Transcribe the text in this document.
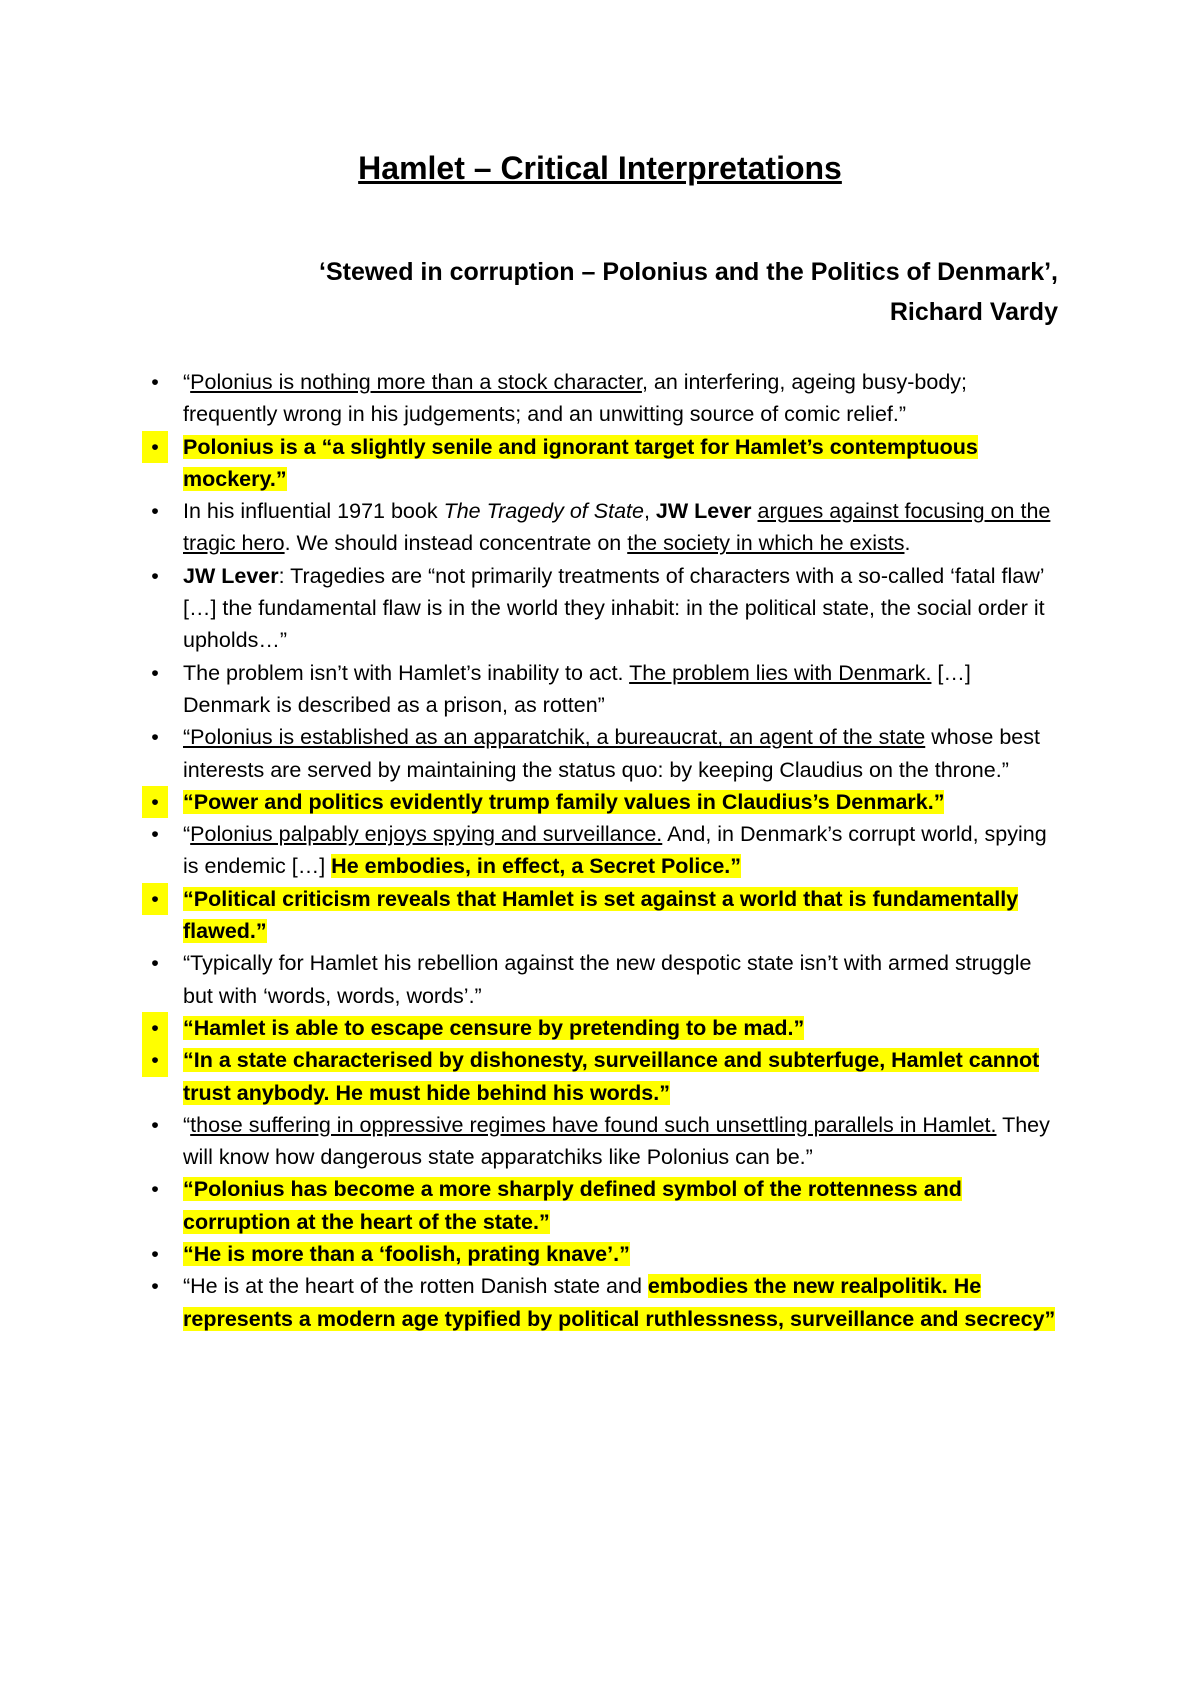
Hamlet – Critical Interpretations
‘Stewed in corruption – Polonius and the Politics of Denmark’,
Richard Vardy
•	“Polonius is nothing more than a stock character, an interfering, ageing busy-body; frequently wrong in his judgements; and an unwitting source of comic relief.”
•	Polonius is a “a slightly senile and ignorant target for Hamlet’s contemptuous mockery.”
•	In his influential 1971 book The Tragedy of State, JW Lever argues against focusing on the tragic hero. We should instead concentrate on the society in which he exists.
•	JW Lever: Tragedies are “not primarily treatments of characters with a so-called ‘fatal flaw’ […] the fundamental flaw is in the world they inhabit: in the political state, the social order it upholds…”
•	The problem isn’t with Hamlet’s inability to act. The problem lies with Denmark. […] Denmark is described as a prison, as rotten”
•	“Polonius is established as an apparatchik, a bureaucrat, an agent of the state whose best interests are served by maintaining the status quo: by keeping Claudius on the throne.”
•	“Power and politics evidently trump family values in Claudius’s Denmark.”
•	“Polonius palpably enjoys spying and surveillance. And, in Denmark’s corrupt world, spying is endemic […] He embodies, in effect, a Secret Police.”
•	“Political criticism reveals that Hamlet is set against a world that is fundamentally flawed.”
•	“Typically for Hamlet his rebellion against the new despotic state isn’t with armed struggle but with ‘words, words, words’.”
•	“Hamlet is able to escape censure by pretending to be mad.”
•	“In a state characterised by dishonesty, surveillance and subterfuge, Hamlet cannot trust anybody. He must hide behind his words.”
•	“those suffering in oppressive regimes have found such unsettling parallels in Hamlet. They will know how dangerous state apparatchiks like Polonius can be.”
•	“Polonius has become a more sharply defined symbol of the rottenness and corruption at the heart of the state.”
•	“He is more than a ‘foolish, prating knave’.”
•	“He is at the heart of the rotten Danish state and embodies the new realpolitik. He represents a modern age typified by political ruthlessness, surveillance and secrecy”
